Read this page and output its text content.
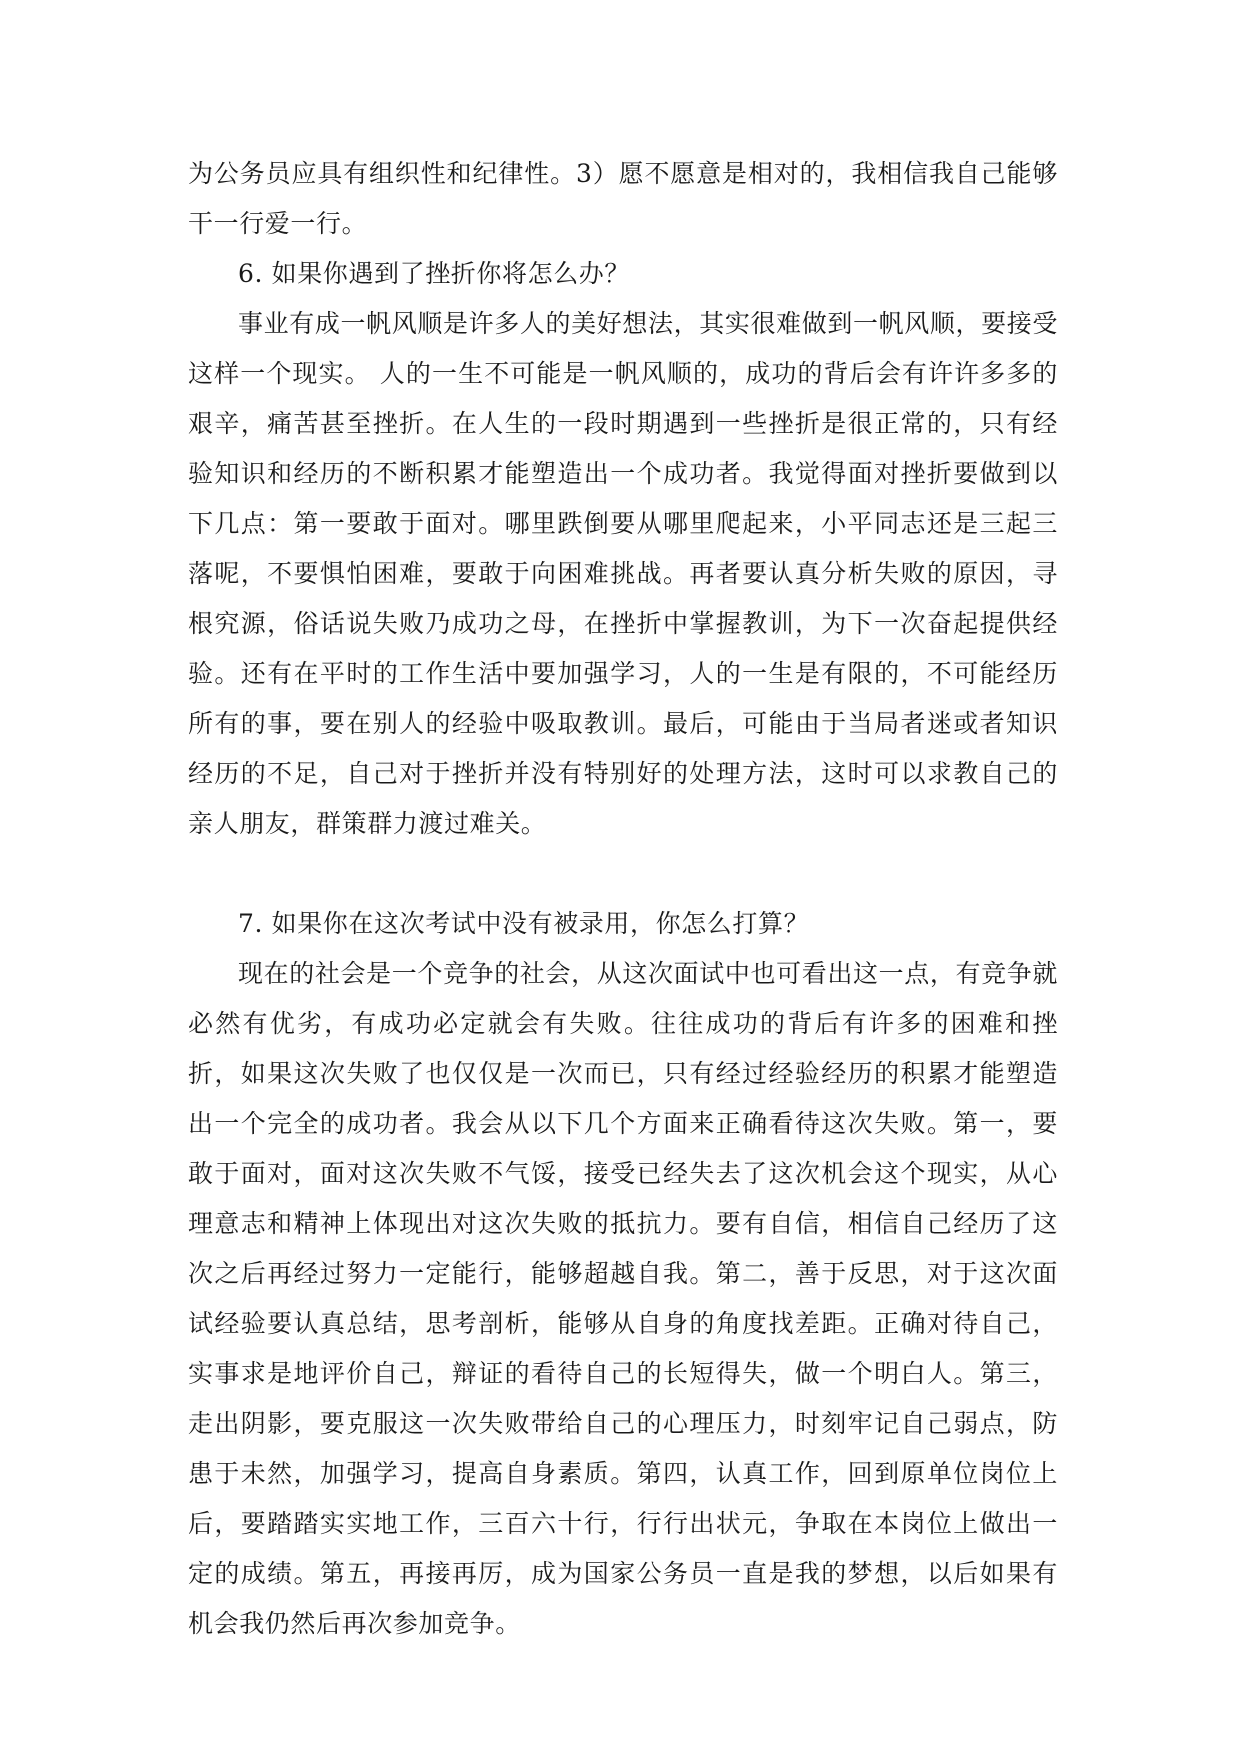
为公务员应具有组织性和纪律性。3）愿不愿意是相对的，我相信我自己能够干一行爱一行。

6. 如果你遇到了挫折你将怎么办？

事业有成一帆风顺是许多人的美好想法，其实很难做到一帆风顺，要接受这样一个现实。 人的一生不可能是一帆风顺的，成功的背后会有许许多多的艰辛，痛苦甚至挫折。在人生的一段时期遇到一些挫折是很正常的，只有经验知识和经历的不断积累才能塑造出一个成功者。我觉得面对挫折要做到以下几点：第一要敢于面对。哪里跌倒要从哪里爬起来，小平同志还是三起三落呢，不要惧怕困难，要敢于向困难挑战。再者要认真分析失败的原因，寻根究源，俗话说失败乃成功之母，在挫折中掌握教训，为下一次奋起提供经验。还有在平时的工作生活中要加强学习，人的一生是有限的，不可能经历所有的事，要在别人的经验中吸取教训。最后，可能由于当局者迷或者知识经历的不足，自己对于挫折并没有特别好的处理方法，这时可以求教自己的亲人朋友，群策群力渡过难关。

7. 如果你在这次考试中没有被录用，你怎么打算？

现在的社会是一个竞争的社会，从这次面试中也可看出这一点，有竞争就必然有优劣，有成功必定就会有失败。往往成功的背后有许多的困难和挫折，如果这次失败了也仅仅是一次而已，只有经过经验经历的积累才能塑造出一个完全的成功者。我会从以下几个方面来正确看待这次失败。第一，要敢于面对，面对这次失败不气馁，接受已经失去了这次机会这个现实，从心理意志和精神上体现出对这次失败的抵抗力。要有自信，相信自己经历了这次之后再经过努力一定能行，能够超越自我。第二，善于反思，对于这次面试经验要认真总结，思考剖析，能够从自身的角度找差距。正确对待自己，实事求是地评价自己，辩证的看待自己的长短得失，做一个明白人。第三，走出阴影，要克服这一次失败带给自己的心理压力，时刻牢记自己弱点，防患于未然，加强学习，提高自身素质。第四，认真工作，回到原单位岗位上后，要踏踏实实地工作，三百六十行，行行出状元，争取在本岗位上做出一定的成绩。第五，再接再厉，成为国家公务员一直是我的梦想，以后如果有机会我仍然后再次参加竞争。
